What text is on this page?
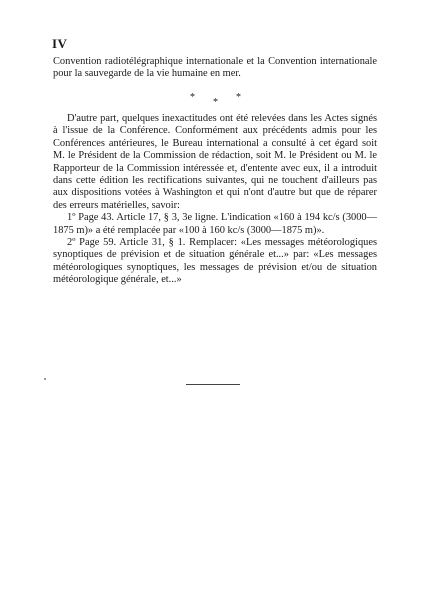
IV

Convention radiotélégraphique internationale et la Convention internationale pour la sauvegarde de la vie humaine en mer.

* * *

D'autre part, quelques inexactitudes ont été relevées dans les Actes signés à l'issue de la Conférence. Conformément aux précédents admis pour les Conférences antérieures, le Bureau international a consulté à cet égard soit M. le Président de la Commission de rédaction, soit M. le Président ou M. le Rapporteur de la Commission intéressée et, d'entente avec eux, il a introduit dans cette édition les rectifications suivantes, qui ne touchent d'ailleurs pas aux dispositions votées à Washington et qui n'ont d'autre but que de réparer des erreurs matérielles, savoir:

1º Page 43. Article 17, § 3, 3e ligne. L'indication «160 à 194 kc/s (3000—1875 m)» a été remplacée par «100 à 160 kc/s (3000—1875 m)».

2º Page 59. Article 31, § 1. Remplacer: «Les messages météorologiques synoptiques de prévision et de situation générale et...» par: «Les messages météorologiques synoptiques, les messages de prévision et/ou de situation météorologique générale, et...»
